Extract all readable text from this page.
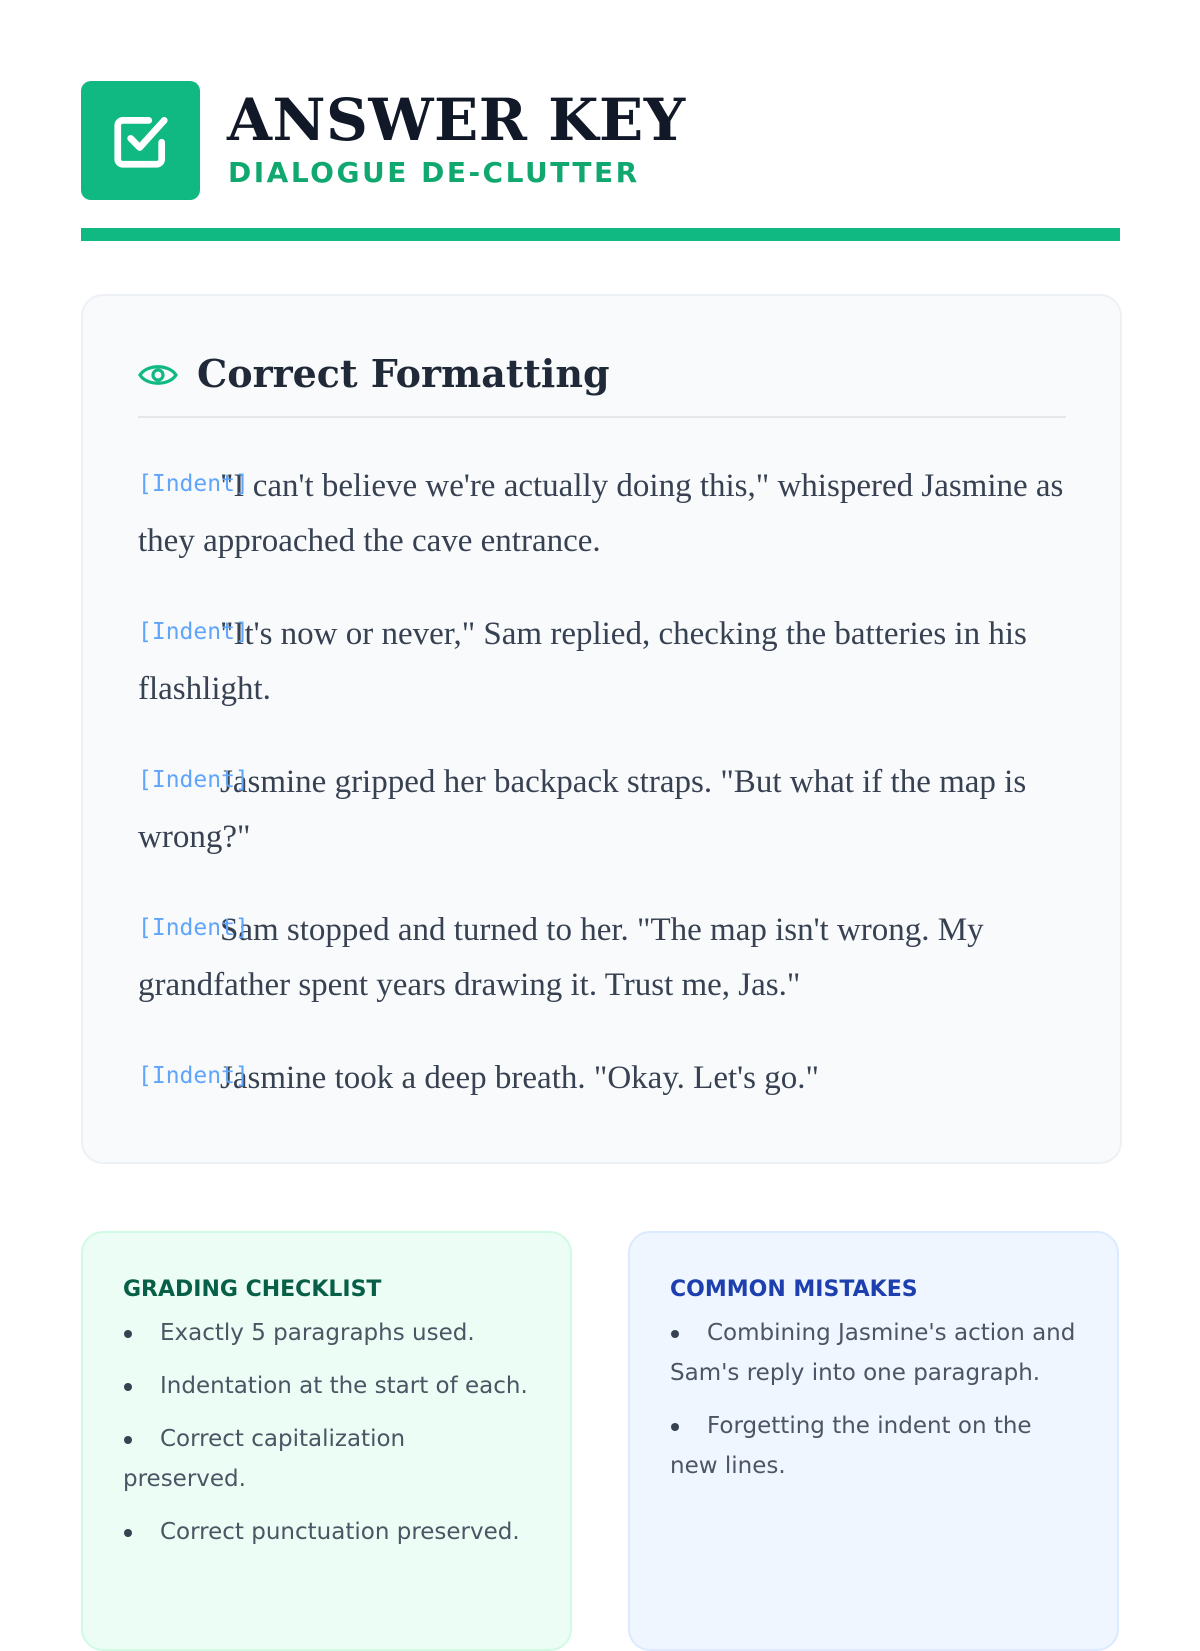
ANSWER KEY
DIALOGUE DE-CLUTTER
Correct Formatting
[Indent]
"I can't believe we're actually doing this," whispered Jasmine as they approached the cave entrance.
[Indent]
"It's now or never," Sam replied, checking the batteries in his flashlight.
[Indent]
Jasmine gripped her backpack straps. "But what if the map is wrong?"
[Indent]
Sam stopped and turned to her. "The map isn't wrong. My grandfather spent years drawing it. Trust me, Jas."
[Indent]
Jasmine took a deep breath. "Okay. Let's go."
GRADING CHECKLIST
Exactly 5 paragraphs used.
Indentation at the start of each.
Correct capitalization preserved.
Correct punctuation preserved.
COMMON MISTAKES
Combining Jasmine's action and Sam's reply into one paragraph.
Forgetting the indent on the new lines.
